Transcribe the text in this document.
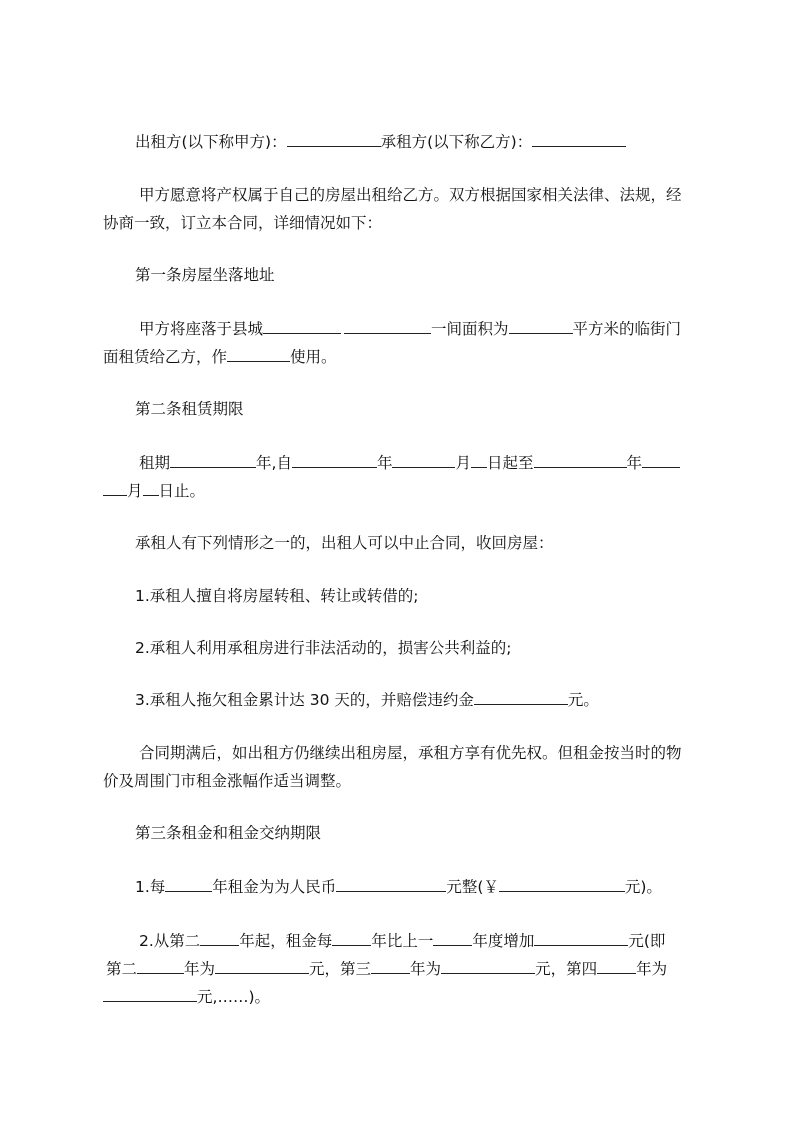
出租方(以下称甲方)：	承租方(以下称乙方)：
甲方愿意将产权属于自己的房屋出租给乙方。双方根据国家相关法律、法规，经
协商一致，订立本合同，详细情况如下：
第一条房屋坐落地址
甲方将座落于县城	一间面积为	平方米的临街门
面租赁给乙方，作	使用。
第二条租赁期限
租期	年,自	年	月 日起至	年
月 日止。
承租人有下列情形之一的，出租人可以中止合同，收回房屋：
1.承租人擅自将房屋转租、转让或转借的;
2.承租人利用承租房进行非法活动的，损害公共利益的;
3.承租人拖欠租金累计达 30 天的，并赔偿违约金	元。
合同期满后，如出租方仍继续出租房屋，承租方享有优先权。但租金按当时的物
价及周围门市租金涨幅作适当调整。
第三条租金和租金交纳期限
1.每	年租金为为人民币	元整(￥	元)。
2.从第二	年起，租金每	年比上一	年度增加	元(即
第二	年为	元，第三	年为	元，第四	年为
元,……)。
